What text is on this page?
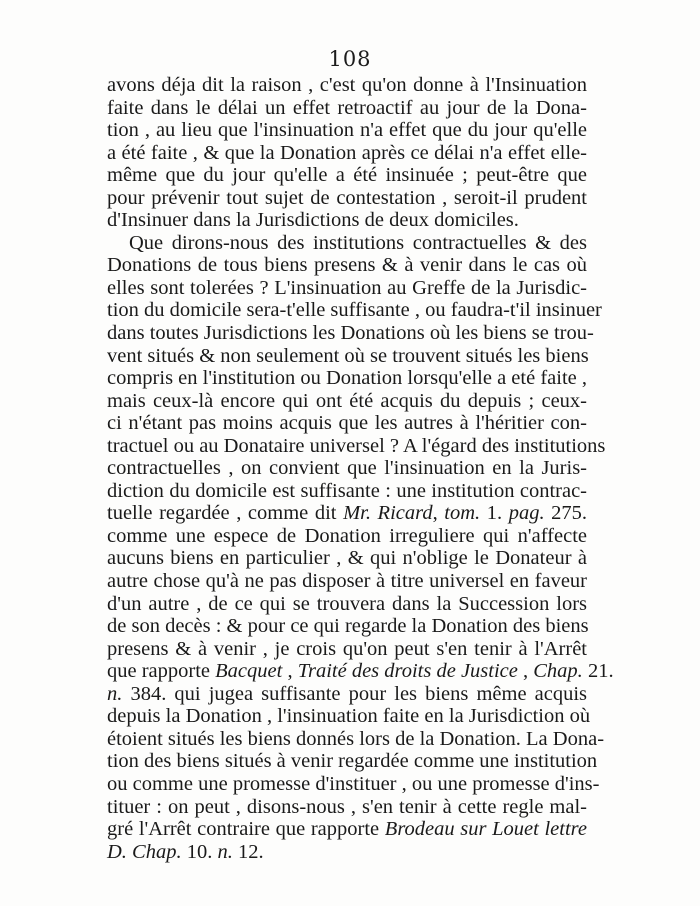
108
avons déja dit la raison , c'est qu'on donne à l'Insinuation
faite dans le délai un effet retroactif au jour de la Dona-
tion , au lieu que l'insinuation n'a effet que du jour qu'elle
a été faite , & que la Donation après ce délai n'a effet elle-
même que du jour qu'elle a été insinuée ; peut-être que
pour prévenir tout sujet de contestation , seroit-il prudent
d'Insinuer dans la Jurisdictions de deux domiciles.
Que dirons-nous des institutions contractuelles & des
Donations de tous biens presens & à venir dans le cas où
elles sont tolerées ? L'insinuation au Greffe de la Jurisdic-
tion du domicile sera-t'elle suffisante , ou faudra-t'il insinuer
dans toutes Jurisdictions les Donations où les biens se trou-
vent situés & non seulement où se trouvent situés les biens
compris en l'institution ou Donation lorsqu'elle a eté faite ,
mais ceux-là encore qui ont été acquis du depuis ; ceux-
ci n'étant pas moins acquis que les autres à l'héritier con-
tractuel ou au Donataire universel ? A l'égard des institutions
contractuelles , on convient que l'insinuation en la Juris-
diction du domicile est suffisante : une institution contrac-
tuelle regardée , comme dit Mr. Ricard, tom. 1. pag. 275.
comme une espece de Donation irreguliere qui n'affecte
aucuns biens en particulier , & qui n'oblige le Donateur à
autre chose qu'à ne pas disposer à titre universel en faveur
d'un autre , de ce qui se trouvera dans la Succession lors
de son decès : & pour ce qui regarde la Donation des biens
presens & à venir , je crois qu'on peut s'en tenir à l'Arrêt
que rapporte Bacquet , Traité des droits de Justice , Chap. 21.
n. 384. qui jugea suffisante pour les biens même acquis
depuis la Donation , l'insinuation faite en la Jurisdiction où
étoient situés les biens donnés lors de la Donation. La Dona-
tion des biens situés à venir regardée comme une institution
ou comme une promesse d'instituer , ou une promesse d'ins-
tituer : on peut , disons-nous , s'en tenir à cette regle mal-
gré l'Arrêt contraire que rapporte Brodeau sur Louet lettre
D. Chap. 10. n. 12.
